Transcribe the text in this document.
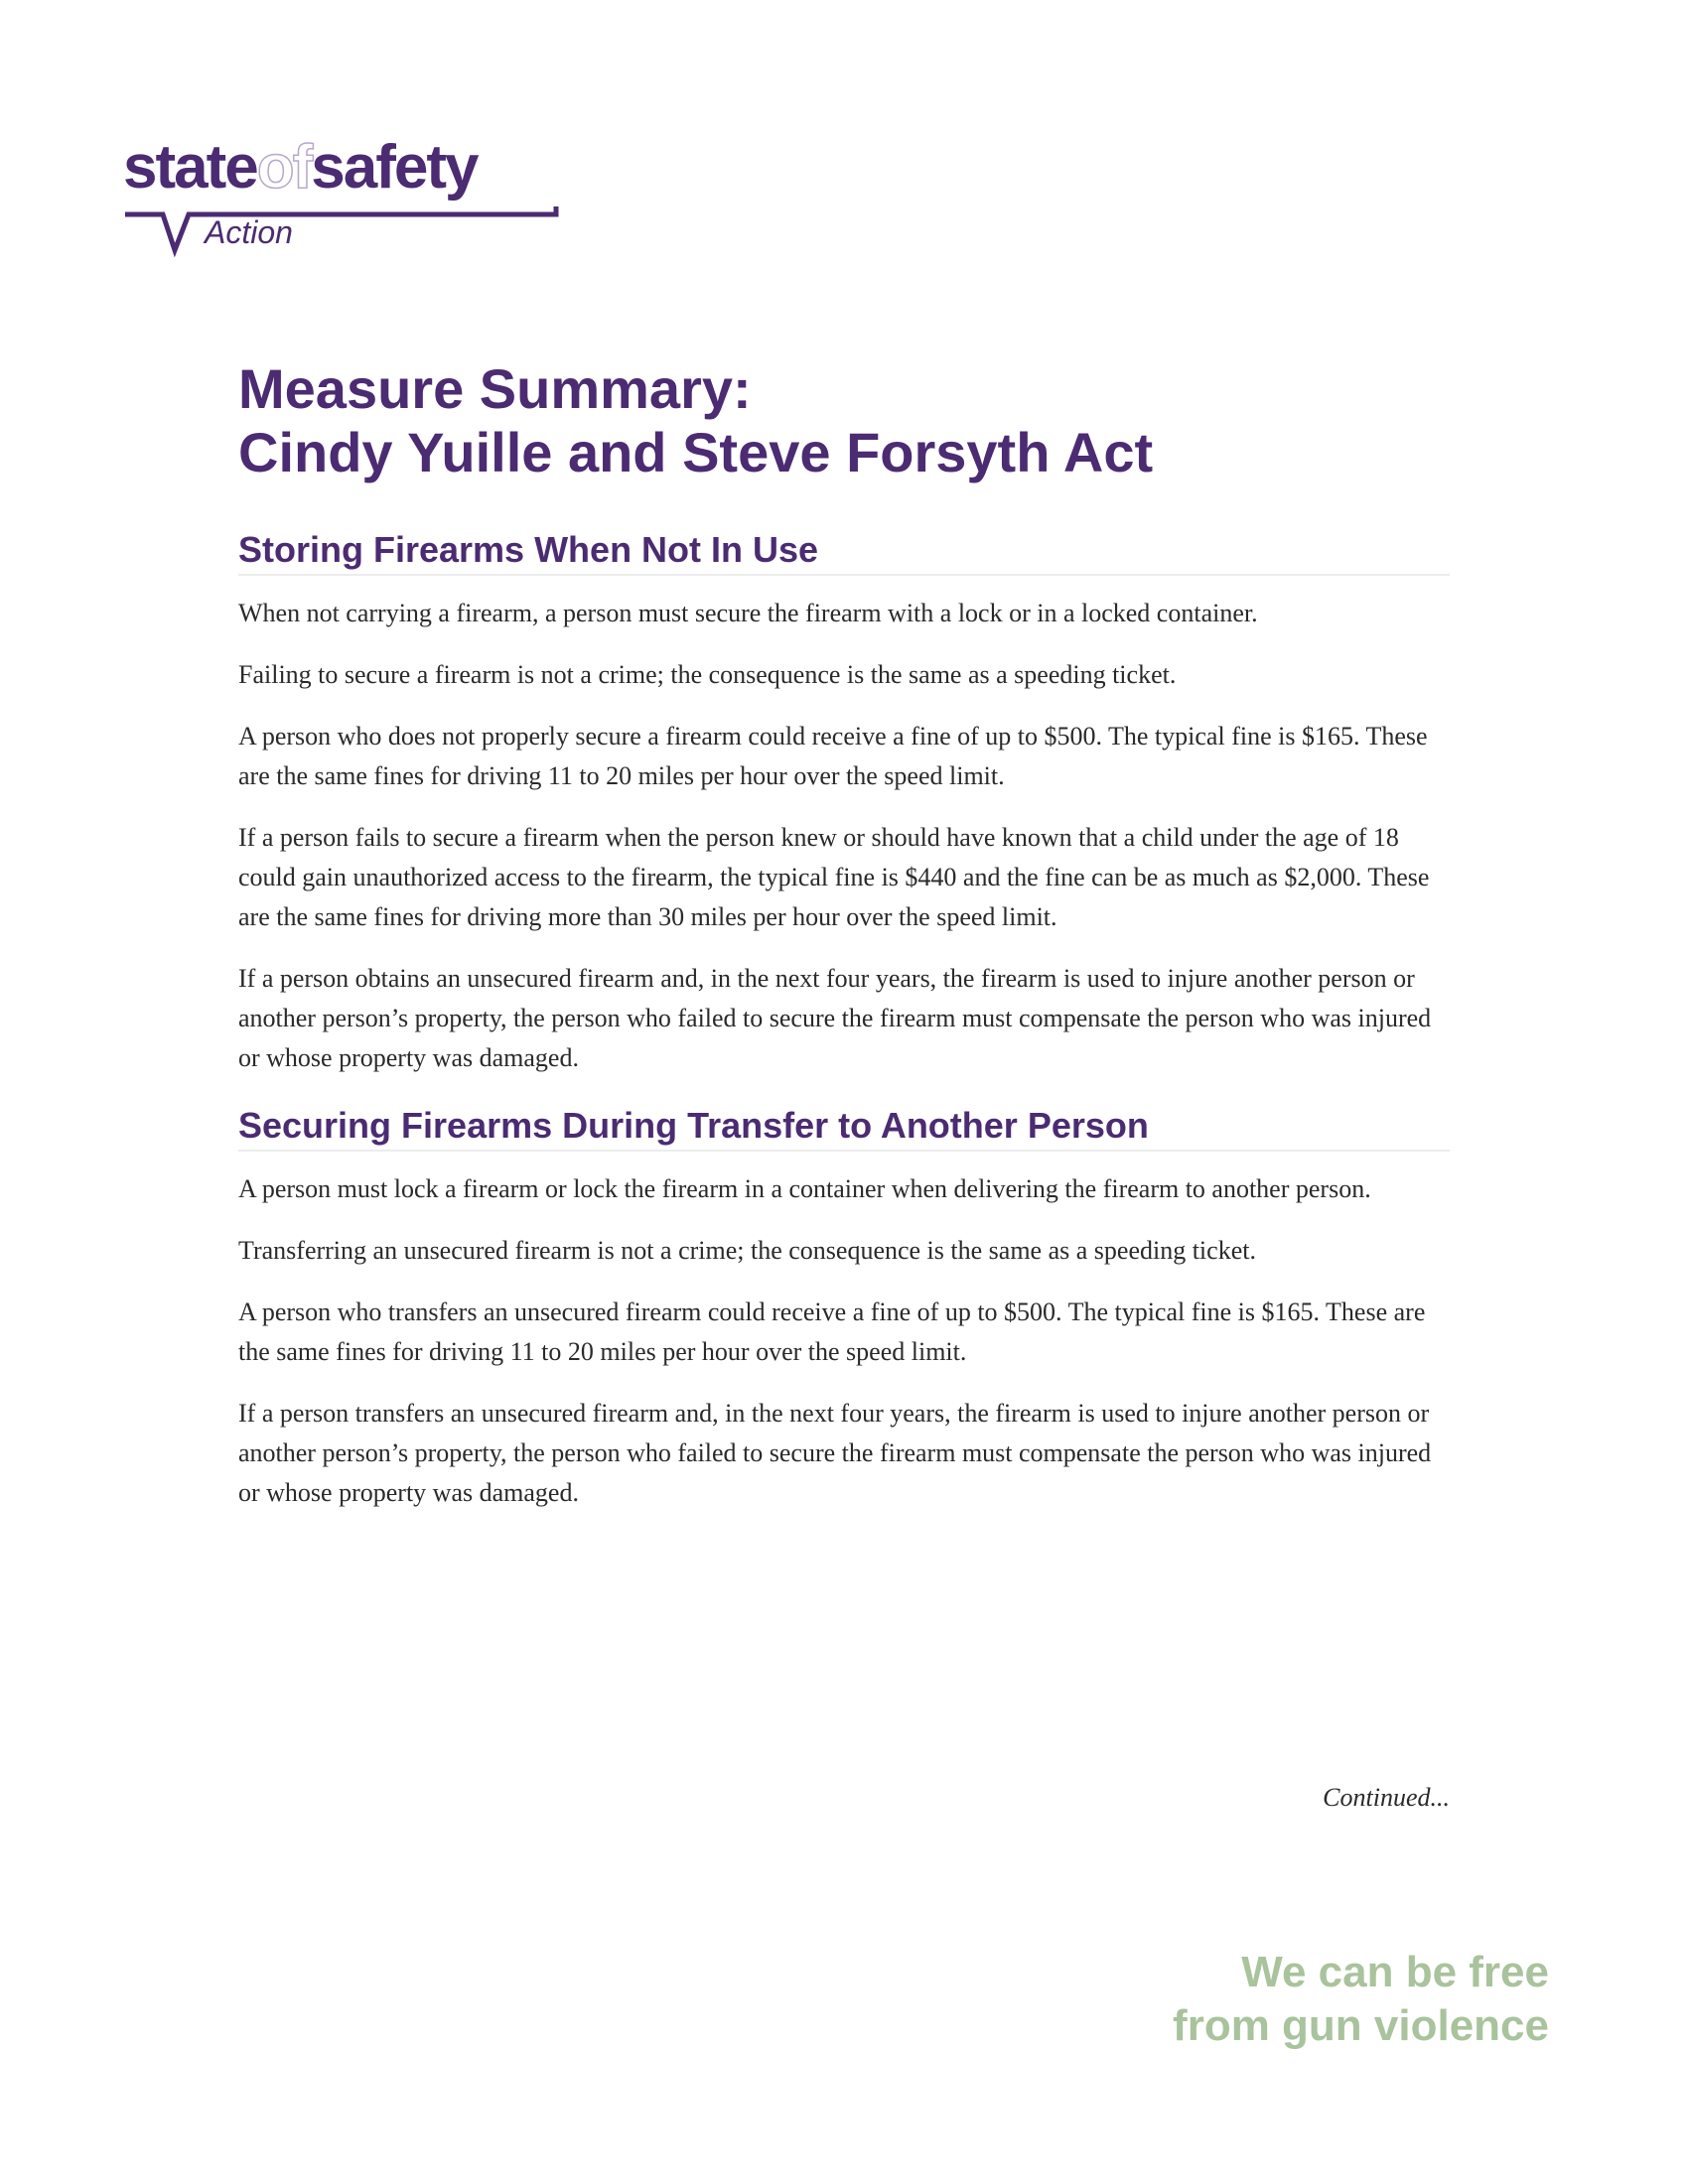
stateofsafety
Action
Measure Summary:
Cindy Yuille and Steve Forsyth Act
Storing Firearms When Not In Use

When not carrying a firearm, a person must secure the firearm with a lock or in a locked container.

Failing to secure a firearm is not a crime; the consequence is the same as a speeding ticket.

A person who does not properly secure a firearm could receive a fine of up to $500. The typical fine is $165. These are the same fines for driving 11 to 20 miles per hour over the speed limit.

If a person fails to secure a firearm when the person knew or should have known that a child under the age of 18 could gain unauthorized access to the firearm, the typical fine is $440 and the fine can be as much as $2,000. These are the same fines for driving more than 30 miles per hour over the speed limit.

If a person obtains an unsecured firearm and, in the next four years, the firearm is used to injure another person or another person’s property, the person who failed to secure the firearm must compensate the person who was injured or whose property was damaged.

Securing Firearms During Transfer to Another Person

A person must lock a firearm or lock the firearm in a container when delivering the firearm to another person.

Transferring an unsecured firearm is not a crime; the consequence is the same as a speeding ticket.

A person who transfers an unsecured firearm could receive a fine of up to $500. The typical fine is $165. These are the same fines for driving 11 to 20 miles per hour over the speed limit.

If a person transfers an unsecured firearm and, in the next four years, the firearm is used to injure another person or another person’s property, the person who failed to secure the firearm must compensate the person who was injured or whose property was damaged.

Continued...
We can be free
from gun violence
